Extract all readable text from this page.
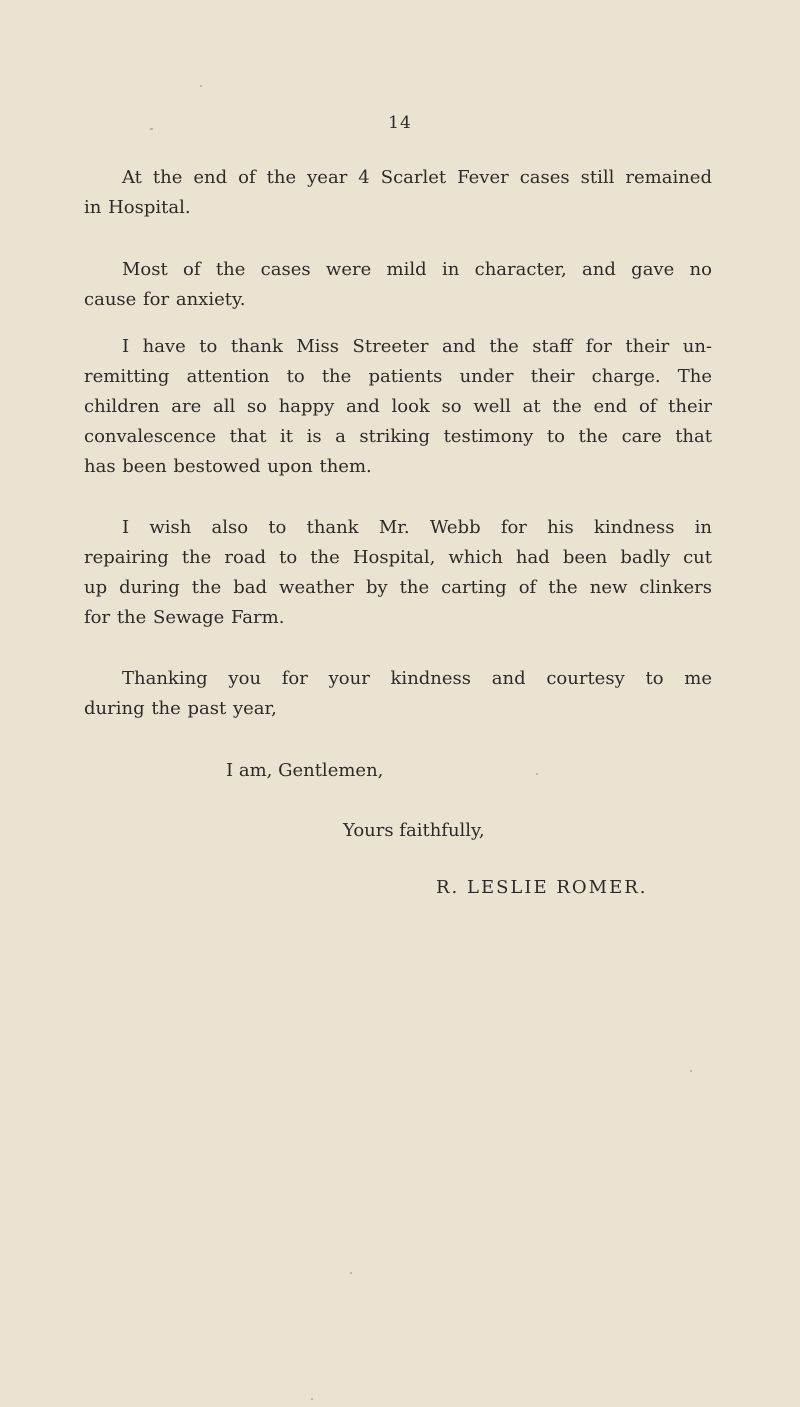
14

At the end of the year 4 Scarlet Fever cases still remained
in Hospital.

Most of the cases were mild in character, and gave no
cause for anxiety.

I have to thank Miss Streeter and the staff for their un-
remitting attention to the patients under their charge. The
children are all so happy and look so well at the end of their
convalescence that it is a striking testimony to the care that
has been bestowed upon them.

I wish also to thank Mr. Webb for his kindness in
repairing the road to the Hospital, which had been badly cut
up during the bad weather by the carting of the new clinkers
for the Sewage Farm.

Thanking you for your kindness and courtesy to me
during the past year,

I am, Gentlemen,
Yours faithfully,
R. LESLIE ROMER.
